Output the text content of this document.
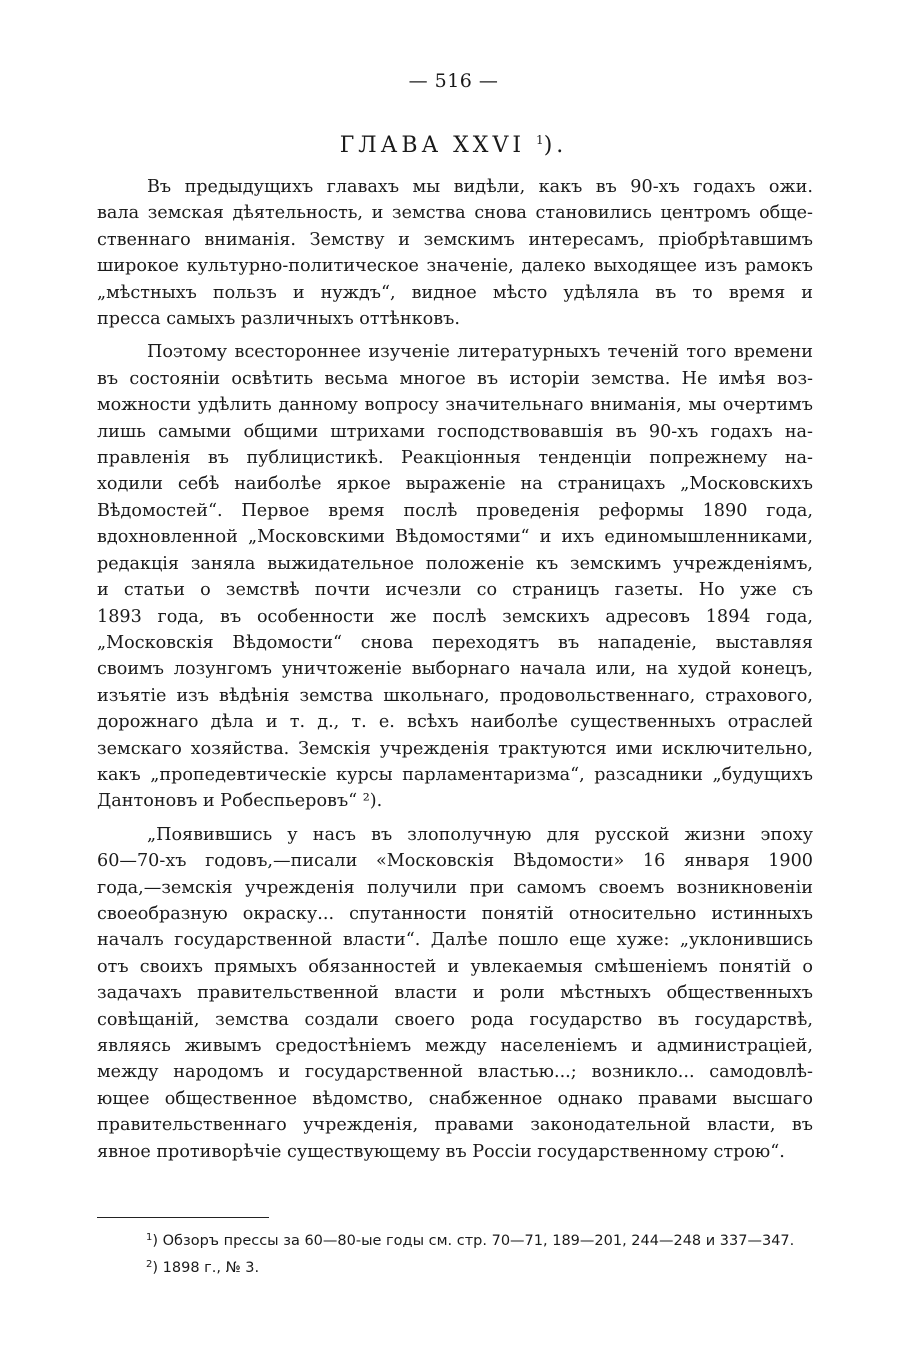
— 516 —
ГЛАВА XXVI $^1$).
Въ предыдущихъ главахъ мы видѣли, какъ въ 90-хъ годахъ ожи.
вала земская дѣятельность, и земства снова становились центромъ обще-
ственнаго вниманія. Земству и земскимъ интересамъ, пріобрѣтавшимъ
широкое культурно-политическое значеніе, далеко выходящее изъ рамокъ
„мѣстныхъ пользъ и нуждъ“, видное мѣсто удѣляла въ то время и
пресса самыхъ различныхъ оттѣнковъ.
Поэтому всестороннее изученіе литературныхъ теченій того времени
въ состояніи освѣтить весьма многое въ исторіи земства. Не имѣя воз-
можности удѣлить данному вопросу значительнаго вниманія, мы очертимъ
лишь самыми общими штрихами господствовавшія въ 90-хъ годахъ на-
правленія въ публицистикѣ. Реакціонныя тенденціи попрежнему на-
ходили себѣ наиболѣе яркое выраженіе на страницахъ „Московскихъ
Вѣдомостей“. Первое время послѣ проведенія реформы 1890 года,
вдохновленной „Московскими Вѣдомостями“ и ихъ единомышленниками,
редакція заняла выжидательное положеніе къ земскимъ учрежденіямъ,
и статьи о земствѣ почти исчезли со страницъ газеты. Но уже съ
1893 года, въ особенности же послѣ земскихъ адресовъ 1894 года,
„Московскія Вѣдомости“ снова переходятъ въ нападеніе, выставляя
своимъ лозунгомъ уничтоженіе выборнаго начала или, на худой конецъ,
изъятіе изъ вѣдѣнія земства школьнаго, продовольственнаго, страхового,
дорожнаго дѣла и т. д., т. е. всѣхъ наиболѣе существенныхъ отраслей
земскаго хозяйства. Земскія учрежденія трактуются ими исключительно,
какъ „пропедевтическіе курсы парламентаризма“, разсадники „будущихъ
Дантоновъ и Робеспьеровъ“ ²).
„Появившись у насъ въ злополучную для русской жизни эпоху
60—70-хъ годовъ,—писали «Московскія Вѣдомости» 16 января 1900
года,—земскія учрежденія получили при самомъ своемъ возникновеніи
своеобразную окраску... спутанности понятій относительно истинныхъ
началъ государственной власти“. Далѣе пошло еще хуже: „уклонившись
отъ своихъ прямыхъ обязанностей и увлекаемыя смѣшеніемъ понятій о
задачахъ правительственной власти и роли мѣстныхъ общественныхъ
совѣщаній, земства создали своего рода государство въ государствѣ,
являясь живымъ средостѣніемъ между населеніемъ и администраціей,
между народомъ и государственной властью...; возникло... самодовлѣ-
ющее общественное вѣдомство, снабженное однако правами высшаго
правительственнаго учрежденія, правами законодательной власти, въ
явное противорѣчіе существующему въ Россіи государственному строю“.
$^1$) Обзоръ прессы за 60—80-ые годы см. стр. 70—71, 189—201, 244—248 и 337—347.
$^2$) 1898 г., № 3.
